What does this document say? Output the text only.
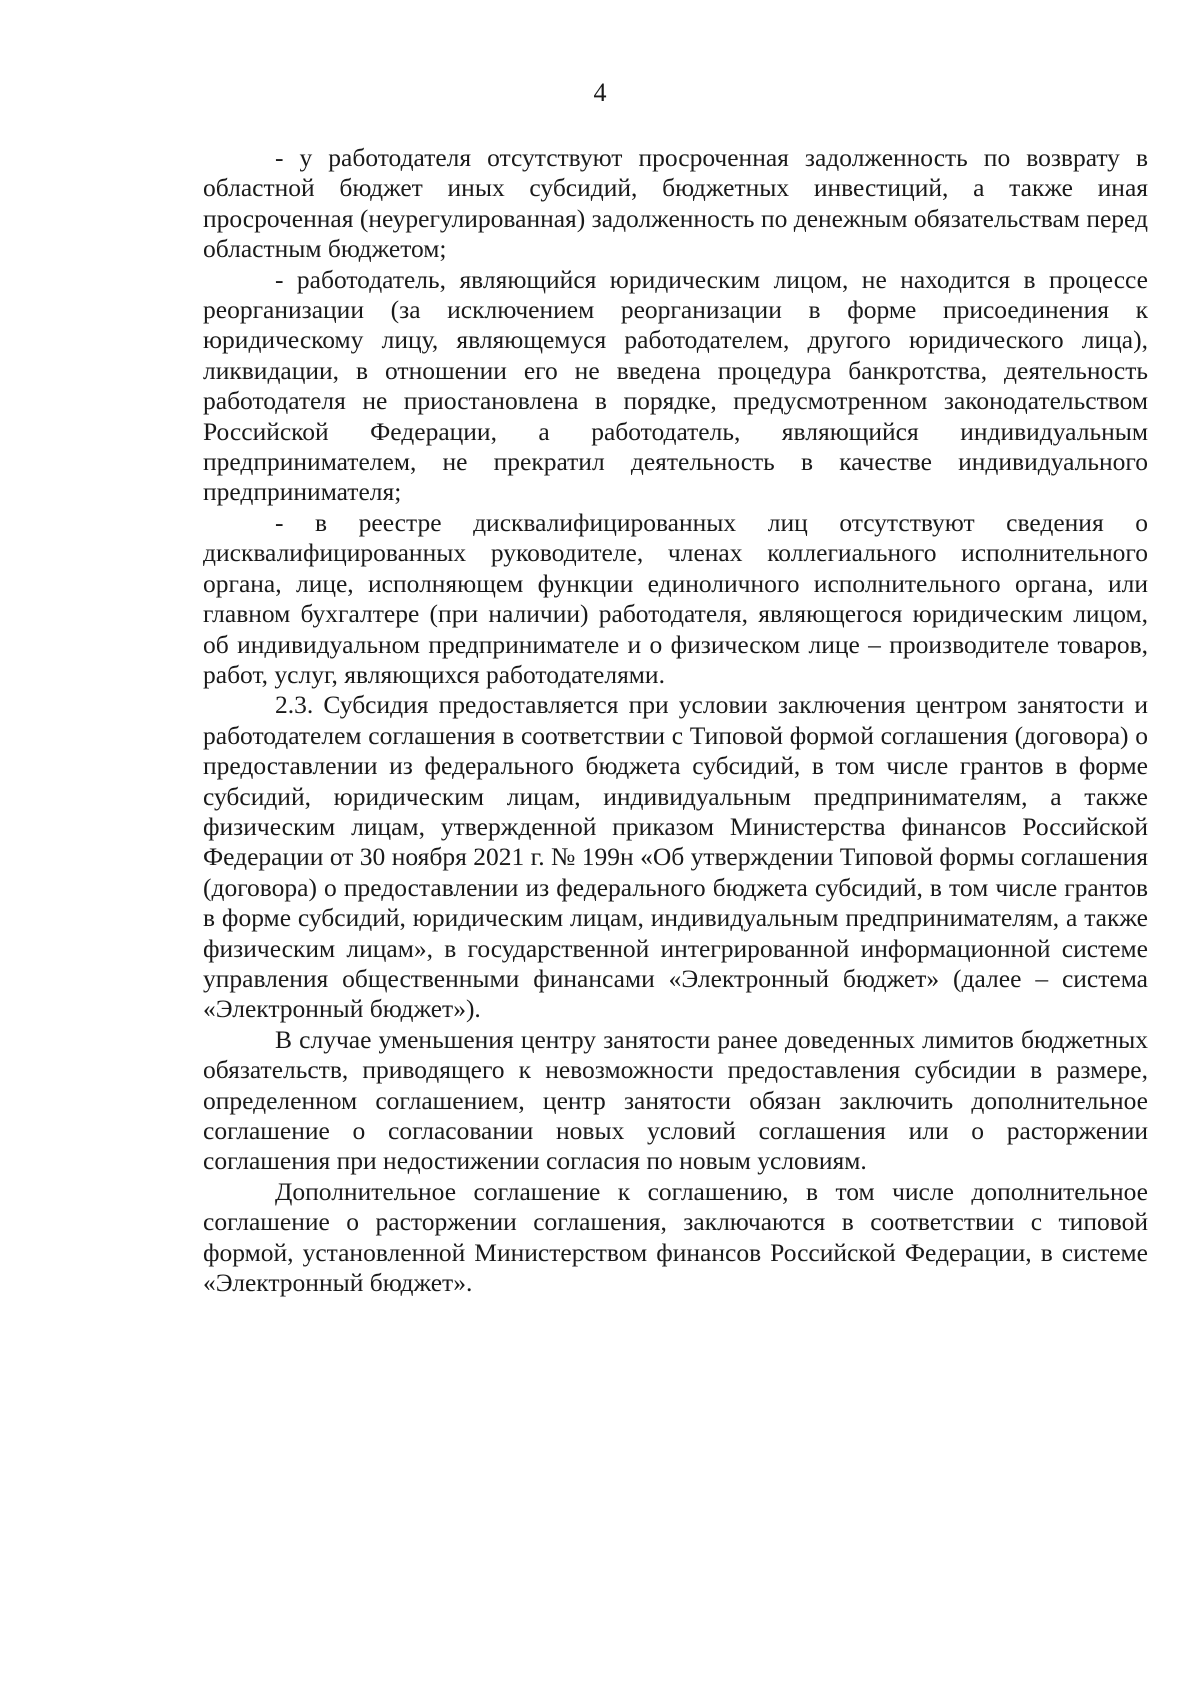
4

- у работодателя отсутствуют просроченная задолженность по возврату в областной бюджет иных субсидий, бюджетных инвестиций, а также иная просроченная (неурегулированная) задолженность по денежным обязательствам перед областным бюджетом;

- работодатель, являющийся юридическим лицом, не находится в процессе реорганизации (за исключением реорганизации в форме присоединения к юридическому лицу, являющемуся работодателем, другого юридического лица), ликвидации, в отношении его не введена процедура банкротства, деятельность работодателя не приостановлена в порядке, предусмотренном законодательством Российской Федерации, а работодатель, являющийся индивидуальным предпринимателем, не прекратил деятельность в качестве индивидуального предпринимателя;

- в реестре дисквалифицированных лиц отсутствуют сведения о дисквалифицированных руководителе, членах коллегиального исполнительного органа, лице, исполняющем функции единоличного исполнительного органа, или главном бухгалтере (при наличии) работодателя, являющегося юридическим лицом, об индивидуальном предпринимателе и о физическом лице – производителе товаров, работ, услуг, являющихся работодателями.

2.3. Субсидия предоставляется при условии заключения центром занятости и работодателем соглашения в соответствии с Типовой формой соглашения (договора) о предоставлении из федерального бюджета субсидий, в том числе грантов в форме субсидий, юридическим лицам, индивидуальным предпринимателям, а также физическим лицам, утвержденной приказом Министерства финансов Российской Федерации от 30 ноября 2021 г. № 199н «Об утверждении Типовой формы соглашения (договора) о предоставлении из федерального бюджета субсидий, в том числе грантов в форме субсидий, юридическим лицам, индивидуальным предпринимателям, а также физическим лицам», в государственной интегрированной информационной системе управления общественными финансами «Электронный бюджет» (далее – система «Электронный бюджет»).

В случае уменьшения центру занятости ранее доведенных лимитов бюджетных обязательств, приводящего к невозможности предоставления субсидии в размере, определенном соглашением, центр занятости обязан заключить дополнительное соглашение о согласовании новых условий соглашения или о расторжении соглашения при недостижении согласия по новым условиям.

Дополнительное соглашение к соглашению, в том числе дополнительное соглашение о расторжении соглашения, заключаются в соответствии с типовой формой, установленной Министерством финансов Российской Федерации, в системе «Электронный бюджет».
